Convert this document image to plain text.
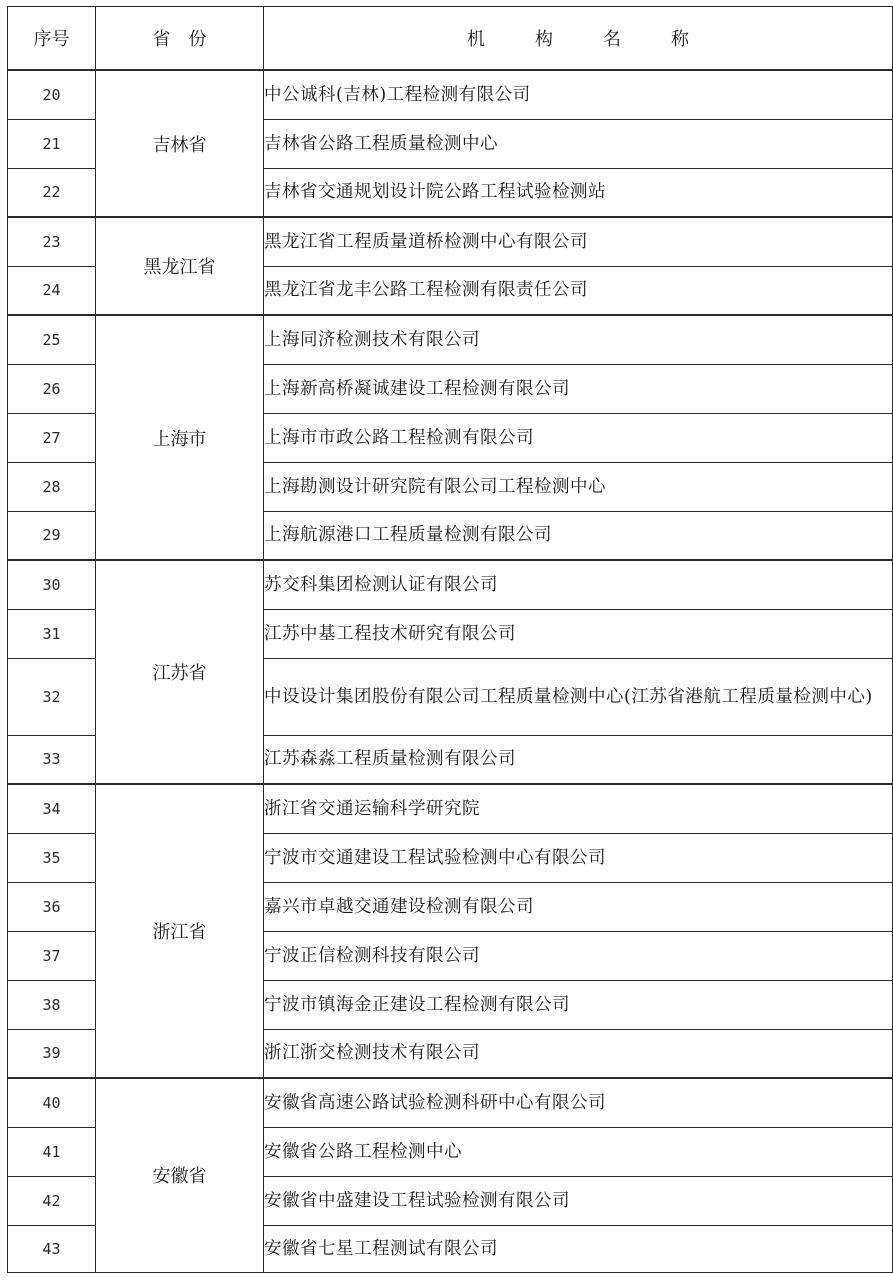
序号	省份	机构名称
20	吉林省	中公诚科(吉林)工程检测有限公司
21		吉林省公路工程质量检测中心
22		吉林省交通规划设计院公路工程试验检测站
23	黑龙江省	黑龙江省工程质量道桥检测中心有限公司
24		黑龙江省龙丰公路工程检测有限责任公司
25	上海市	上海同济检测技术有限公司
26		上海新高桥凝诚建设工程检测有限公司
27		上海市市政公路工程检测有限公司
28		上海勘测设计研究院有限公司工程检测中心
29		上海航源港口工程质量检测有限公司
30	江苏省	苏交科集团检测认证有限公司
31		江苏中基工程技术研究有限公司
32		中设设计集团股份有限公司工程质量检测中心(江苏省港航工程质量检测中心)
33		江苏森淼工程质量检测有限公司
34	浙江省	浙江省交通运输科学研究院
35		宁波市交通建设工程试验检测中心有限公司
36		嘉兴市卓越交通建设检测有限公司
37		宁波正信检测科技有限公司
38		宁波市镇海金正建设工程检测有限公司
39		浙江浙交检测技术有限公司
40	安徽省	安徽省高速公路试验检测科研中心有限公司
41		安徽省公路工程检测中心
42		安徽省中盛建设工程试验检测有限公司
43		安徽省七星工程测试有限公司
